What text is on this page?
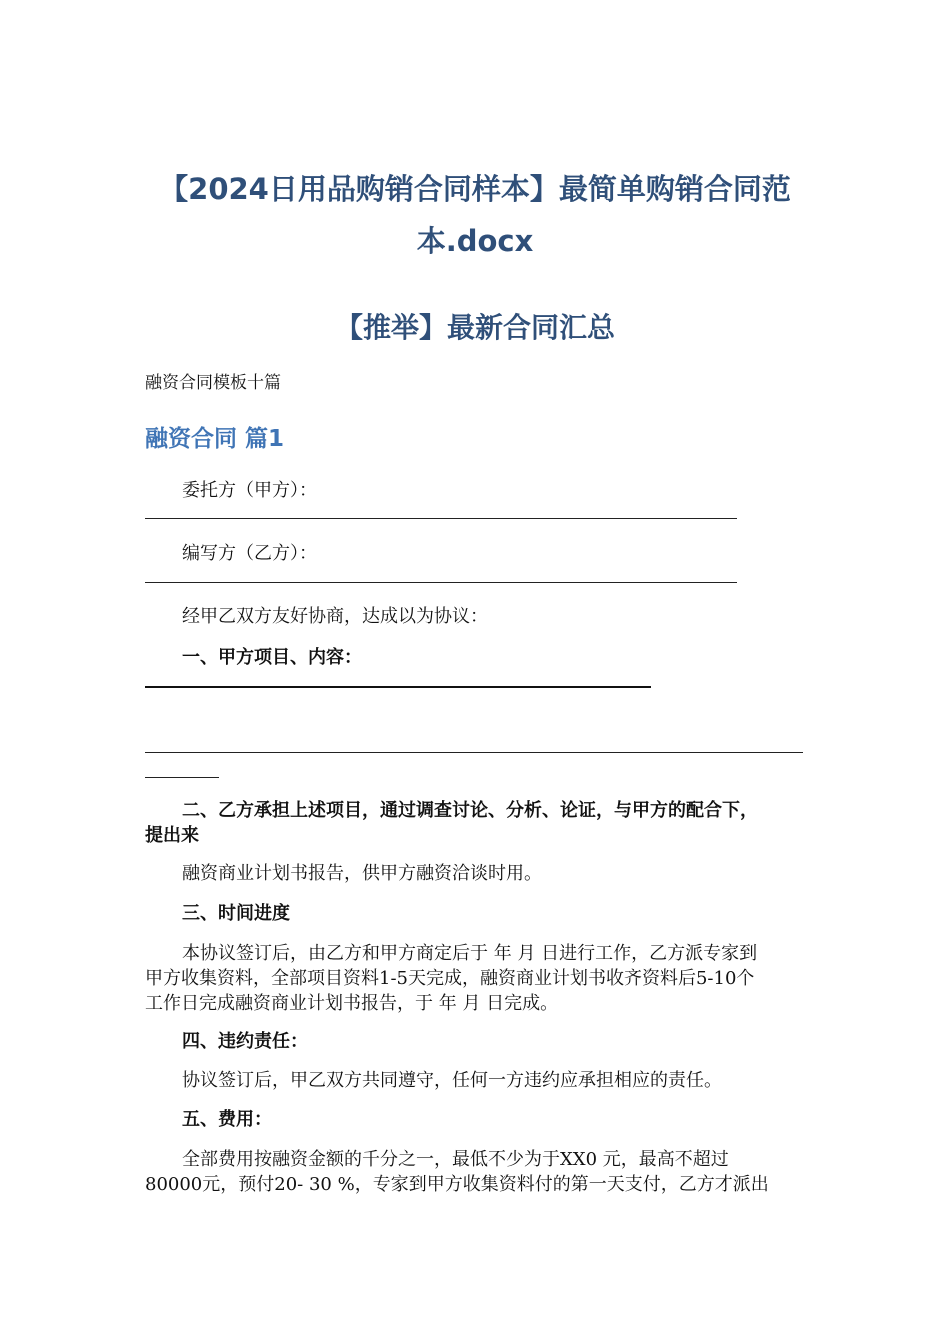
【2024日用品购销合同样本】最简单购销合同范
本.docx
【推举】最新合同汇总
融资合同模板十篇
融资合同 篇1
委托方（甲方）：
编写方（乙方）：
经甲乙双方友好协商，达成以为协议：
一、甲方项目、内容：
二、乙方承担上述项目，通过调查讨论、分析、论证，与甲方的配合下，
提出来
融资商业计划书报告，供甲方融资洽谈时用。
三、时间进度
本协议签订后，由乙方和甲方商定后于 年 月 日进行工作，乙方派专家到
甲方收集资料，全部项目资料1-5天完成，融资商业计划书收齐资料后5-10个
工作日完成融资商业计划书报告，于 年 月 日完成。
四、违约责任：
协议签订后，甲乙双方共同遵守，任何一方违约应承担相应的责任。
五、费用：
全部费用按融资金额的千分之一，最低不少为于XX0 元，最高不超过
80000元，预付20- 30 %，专家到甲方收集资料付的第一天支付，乙方才派出
